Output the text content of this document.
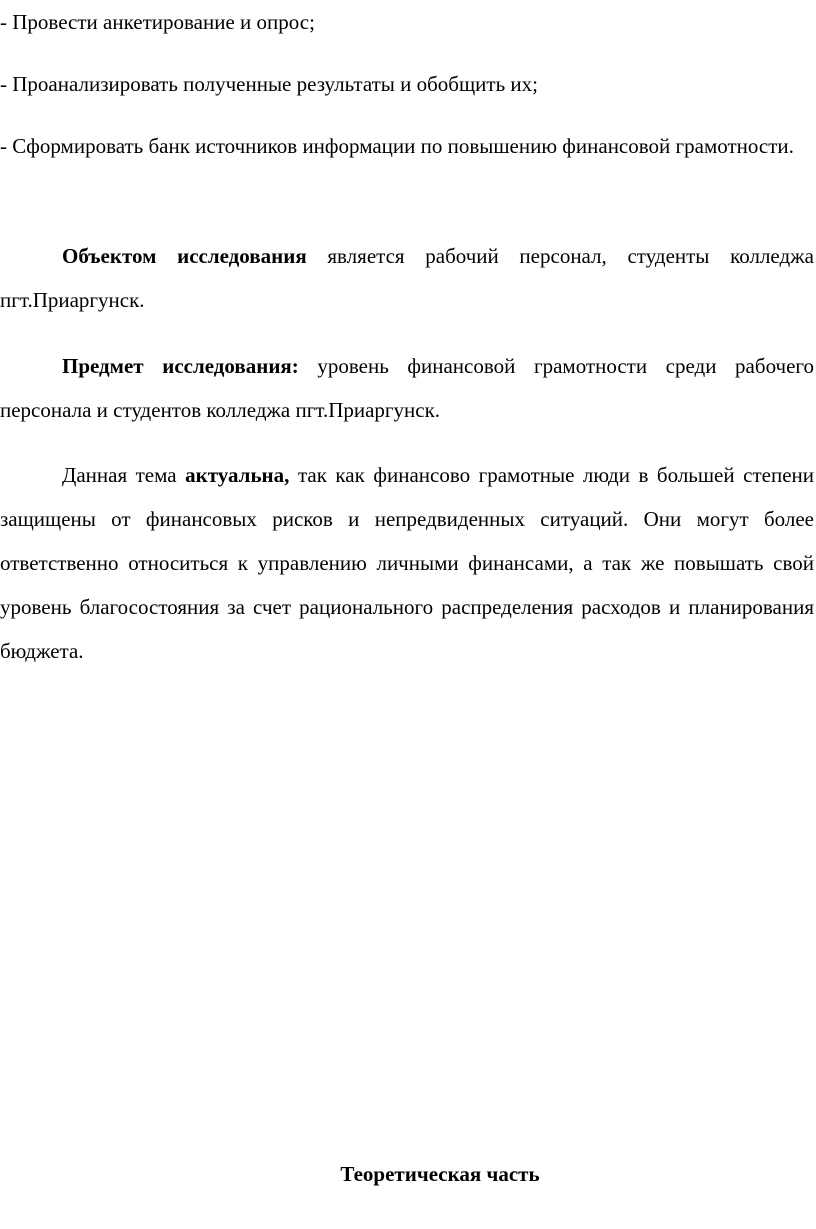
- Провести анкетирование и опрос;

- Проанализировать полученные результаты и обобщить их;

- Сформировать банк источников информации по повышению финансовой грамотности.

Объектом исследования является рабочий персонал, студенты колледжа пгт.Приаргунск.

Предмет исследования: уровень финансовой грамотности среди рабочего персонала и студентов колледжа пгт.Приаргунск.

Данная тема актуальна, так как финансово грамотные люди в большей степени защищены от финансовых рисков и непредвиденных ситуаций. Они могут более ответственно относиться к управлению личными финансами, а так же повышать свой уровень благосостояния за счет рационального распределения расходов и планирования бюджета.

Теоретическая часть
